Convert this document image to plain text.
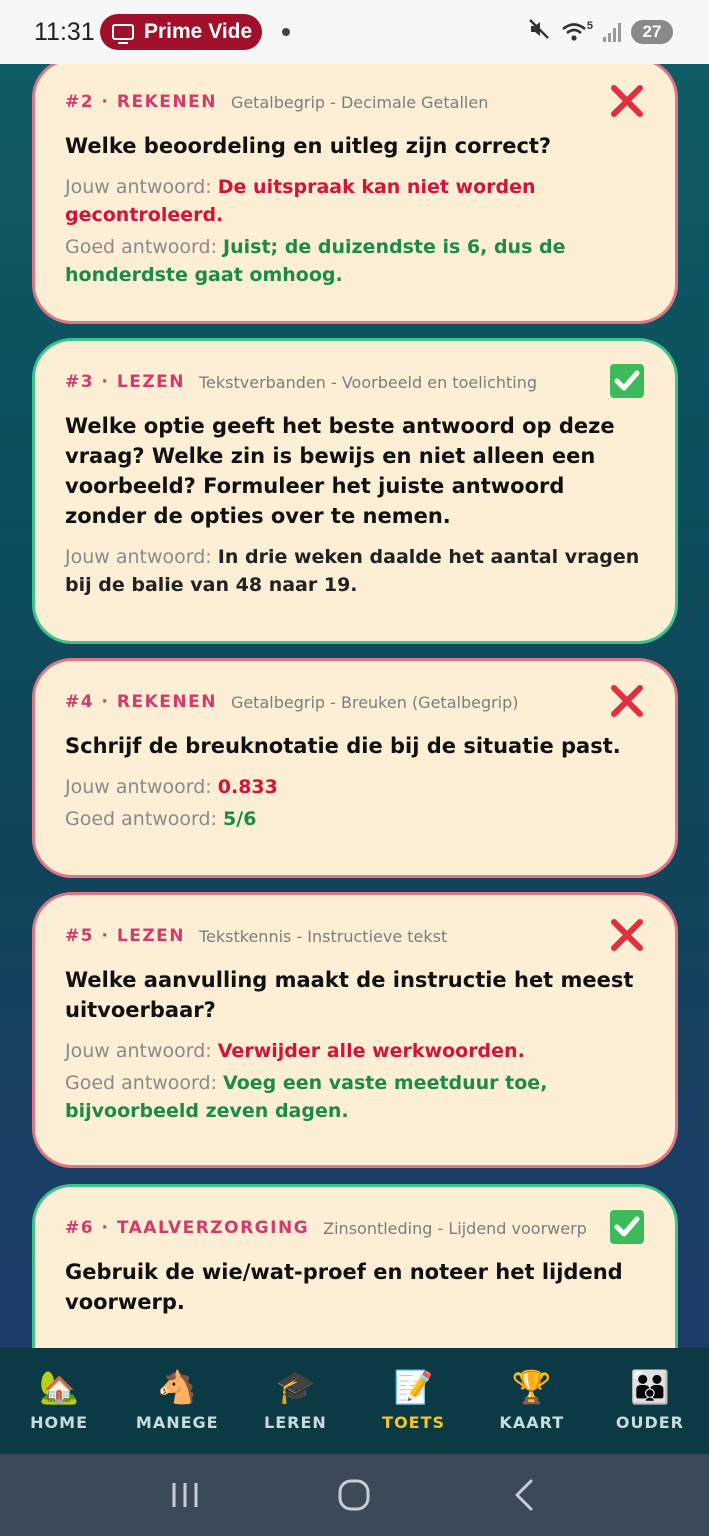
11:31 Prime Vide	5	27
#2 · REKENEN Getalbegrip - Decimale Getallen
Welke beoordeling en uitleg zijn correct?

Jouw antwoord: De uitspraak kan niet worden gecontroleerd.

Goed antwoord: Juist; de duizendste is 6, dus de honderdste gaat omhoog.

#3 · LEZEN Tekstverbanden - Voorbeeld en toelichting
Welke optie geeft het beste antwoord op deze vraag? Welke zin is bewijs en niet alleen een voorbeeld? Formuleer het juiste antwoord zonder de opties over te nemen.

Jouw antwoord: In drie weken daalde het aantal vragen bij de balie van 48 naar 19.

#4 · REKENEN Getalbegrip - Breuken (Getalbegrip)
Schrijf de breuknotatie die bij de situatie past.

Jouw antwoord: 0.833

Goed antwoord: 5/6

#5 · LEZEN Tekstkennis - Instructieve tekst
Welke aanvulling maakt de instructie het meest uitvoerbaar?

Jouw antwoord: Verwijder alle werkwoorden.

Goed antwoord: Voeg een vaste meetduur toe, bijvoorbeeld zeven dagen.

#6 · TAALVERZORGING Zinsontleding - Lijdend voorwerp
Gebruik de wie/wat-proef en noteer het lijdend voorwerp.
🏡
HOME
🐴
MANEGE
🎓
LEREN
📝
TOETS
🏆
KAART
👪
OUDER
